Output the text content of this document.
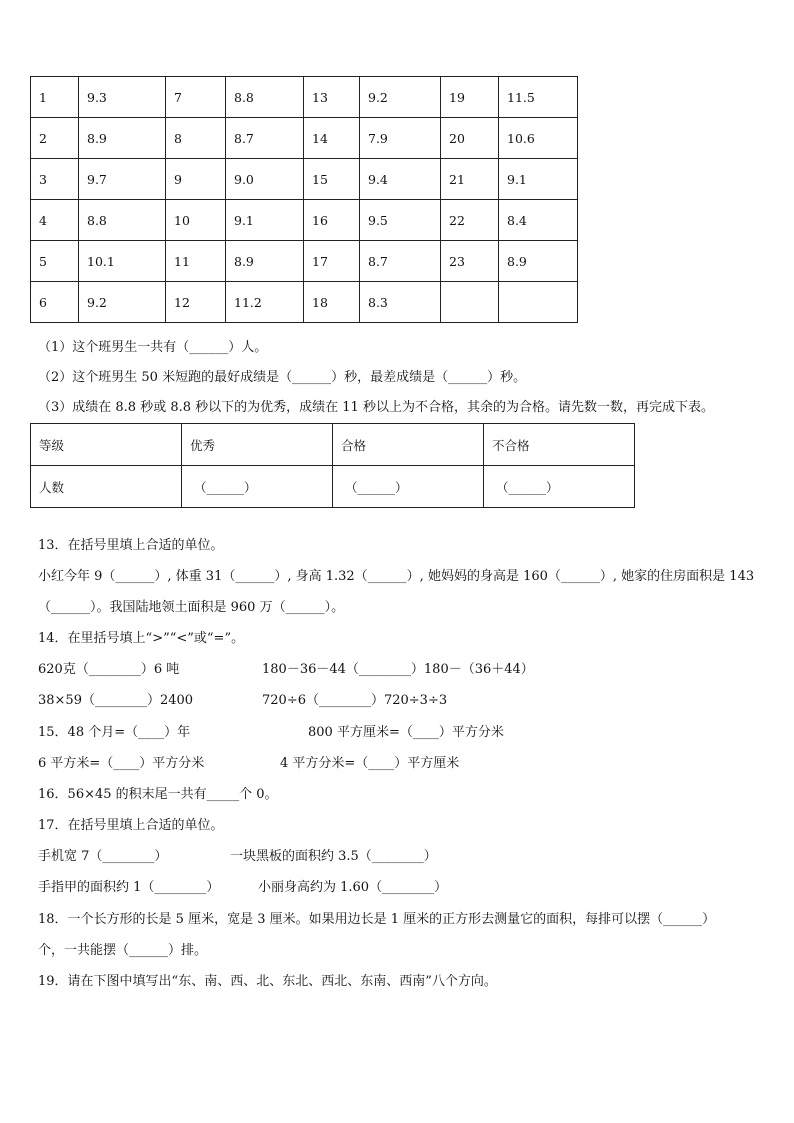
1	9.3	7	8.8	13	9.2	19	11.5
2	8.9	8	8.7	14	7.9	20	10.6
3	9.7	9	9.0	15	9.4	21	9.1
4	8.8	10	9.1	16	9.5	22	8.4
5	10.1	11	8.9	17	8.7	23	8.9
6	9.2	12	11.2	18	8.3		
（1）这个班男生一共有（______）人。
（2）这个班男生 50 米短跑的最好成绩是（______）秒，最差成绩是（______）秒。
（3）成绩在 8.8 秒或 8.8 秒以下的为优秀，成绩在 11 秒以上为不合格，其余的为合格。请先数一数，再完成下表。
等级	优秀	合格	不合格
人数	（______）	（______）	（______）
13．在括号里填上合适的单位。
小红今年 9（______）, 体重 31（______）, 身高 1.32（______）, 她妈妈的身高是 160（______）, 她家的住房面积是 143
（______）。我国陆地领土面积是 960 万（______）。
14．在里括号填上“>”“<”或“=”。
620克（________）6 吨	180－36－44（________）180－（36＋44）
38×59（________）2400	720÷6（________）720÷3÷3
15．48 个月=（____）年	800 平方厘米=（____）平方分米
6 平方米=（____）平方分米	4 平方分米=（____）平方厘米
16．56×45 的积末尾一共有_____个 0。
17．在括号里填上合适的单位。
手机宽 7（________）	一块黑板的面积约 3.5（________）
手指甲的面积约 1（________）	小丽身高约为 1.60（________）
18．一个长方形的长是 5 厘米，宽是 3 厘米。如果用边长是 1 厘米的正方形去测量它的面积，每排可以摆（______）
个，一共能摆（______）排。
19．请在下图中填写出“东、南、西、北、东北、西北、东南、西南”八个方向。
